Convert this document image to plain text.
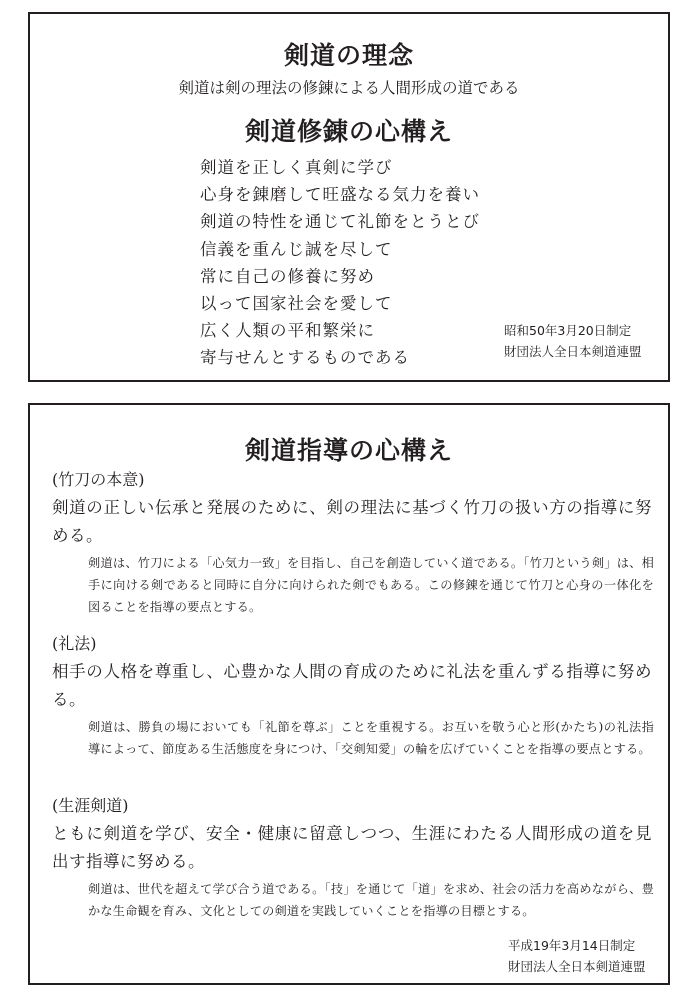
剣道の理念
剣道は剣の理法の修錬による人間形成の道である
剣道修錬の心構え
剣道を正しく真剣に学び
心身を錬磨して旺盛なる気力を養い
剣道の特性を通じて礼節をとうとび
信義を重んじ誠を尽して
常に自己の修養に努め
以って国家社会を愛して
広く人類の平和繁栄に
寄与せんとするものである
昭和50年3月20日制定
財団法人全日本剣道連盟
剣道指導の心構え
(竹刀の本意)
剣道の正しい伝承と発展のために、剣の理法に基づく竹刀の扱い方の指導に努める。
剣道は、竹刀による「心気力一致」を目指し、自己を創造していく道である。「竹刀という剣」は、相手に向ける剣であると同時に自分に向けられた剣でもある。この修錬を通じて竹刀と心身の一体化を図ることを指導の要点とする。
(礼法)
相手の人格を尊重し、心豊かな人間の育成のために礼法を重んずる指導に努める。
剣道は、勝負の場においても「礼節を尊ぶ」ことを重視する。お互いを敬う心と形(かたち)の礼法指導によって、節度ある生活態度を身につけ、「交剣知愛」の輪を広げていくことを指導の要点とする。
(生涯剣道)
ともに剣道を学び、安全・健康に留意しつつ、生涯にわたる人間形成の道を見出す指導に努める。
剣道は、世代を超えて学び合う道である。「技」を通じて「道」を求め、社会の活力を高めながら、豊かな生命観を育み、文化としての剣道を実践していくことを指導の目標とする。
平成19年3月14日制定
財団法人全日本剣道連盟
